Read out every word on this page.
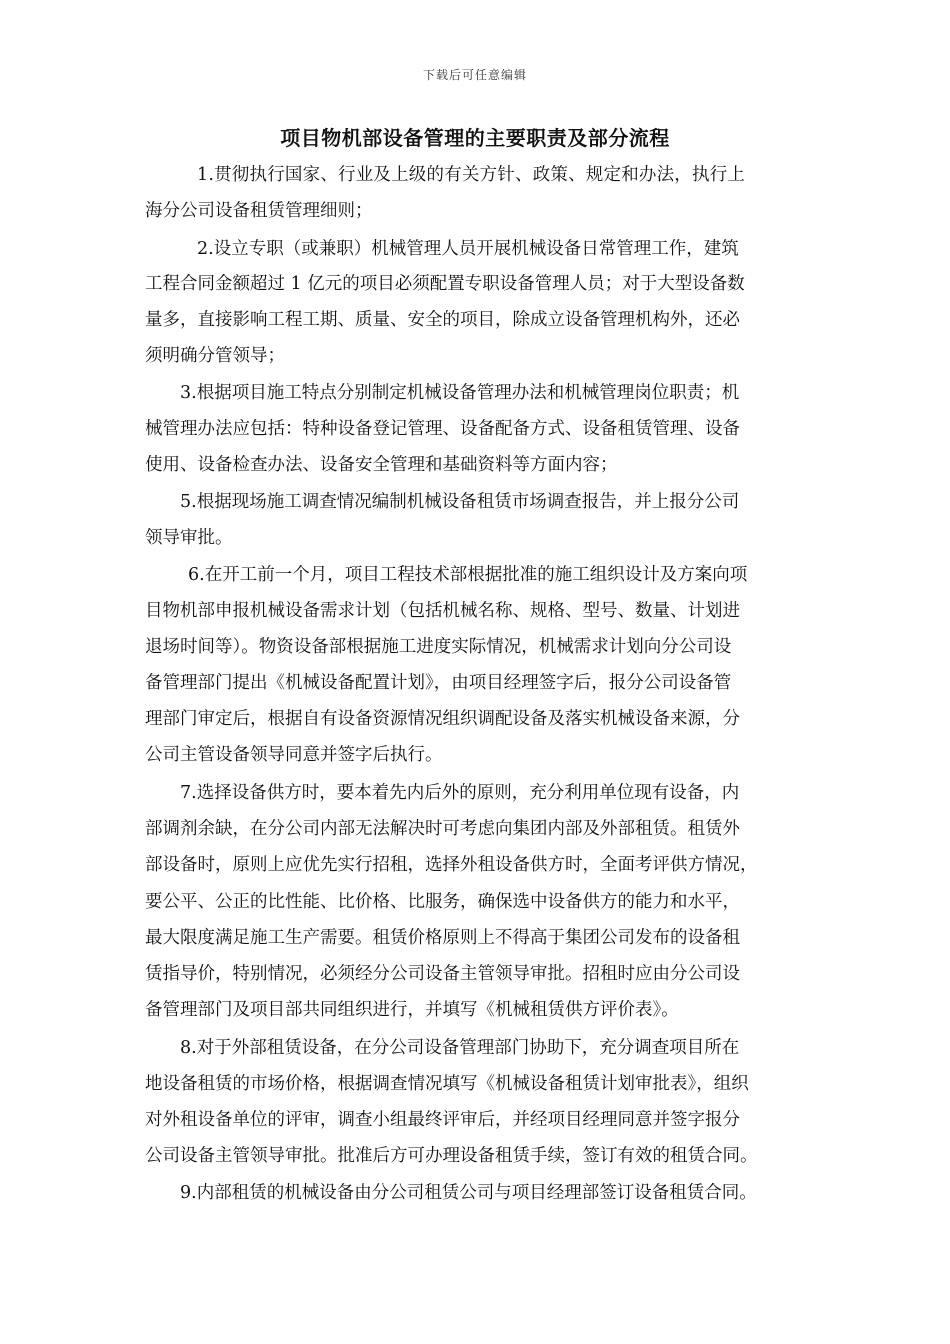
下载后可任意编辑
项目物机部设备管理的主要职责及部分流程
1.贯彻执行国家、行业及上级的有关方针、政策、规定和办法，执行上
海分公司设备租赁管理细则；
2.设立专职（或兼职）机械管理人员开展机械设备日常管理工作，建筑
工程合同金额超过 1 亿元的项目必须配置专职设备管理人员；对于大型设备数
量多，直接影响工程工期、质量、安全的项目，除成立设备管理机构外，还必
须明确分管领导；
3.根据项目施工特点分别制定机械设备管理办法和机械管理岗位职责；机
械管理办法应包括：特种设备登记管理、设备配备方式、设备租赁管理、设备
使用、设备检查办法、设备安全管理和基础资料等方面内容；
5.根据现场施工调查情况编制机械设备租赁市场调查报告，并上报分公司
领导审批。
6.在开工前一个月，项目工程技术部根据批准的施工组织设计及方案向项
目物机部申报机械设备需求计划（包括机械名称、规格、型号、数量、计划进
退场时间等）。物资设备部根据施工进度实际情况，机械需求计划向分公司设
备管理部门提出《机械设备配置计划》，由项目经理签字后，报分公司设备管
理部门审定后，根据自有设备资源情况组织调配设备及落实机械设备来源，分
公司主管设备领导同意并签字后执行。
7.选择设备供方时，要本着先内后外的原则，充分利用单位现有设备，内
部调剂余缺，在分公司内部无法解决时可考虑向集团内部及外部租赁。租赁外
部设备时，原则上应优先实行招租，选择外租设备供方时，全面考评供方情况，
要公平、公正的比性能、比价格、比服务，确保选中设备供方的能力和水平，
最大限度满足施工生产需要。租赁价格原则上不得高于集团公司发布的设备租
赁指导价，特别情况，必须经分公司设备主管领导审批。招租时应由分公司设
备管理部门及项目部共同组织进行，并填写《机械租赁供方评价表》。
8.对于外部租赁设备，在分公司设备管理部门协助下，充分调查项目所在
地设备租赁的市场价格，根据调查情况填写《机械设备租赁计划审批表》，组织
对外租设备单位的评审，调查小组最终评审后，并经项目经理同意并签字报分
公司设备主管领导审批。批准后方可办理设备租赁手续，签订有效的租赁合同。
9.内部租赁的机械设备由分公司租赁公司与项目经理部签订设备租赁合同。
